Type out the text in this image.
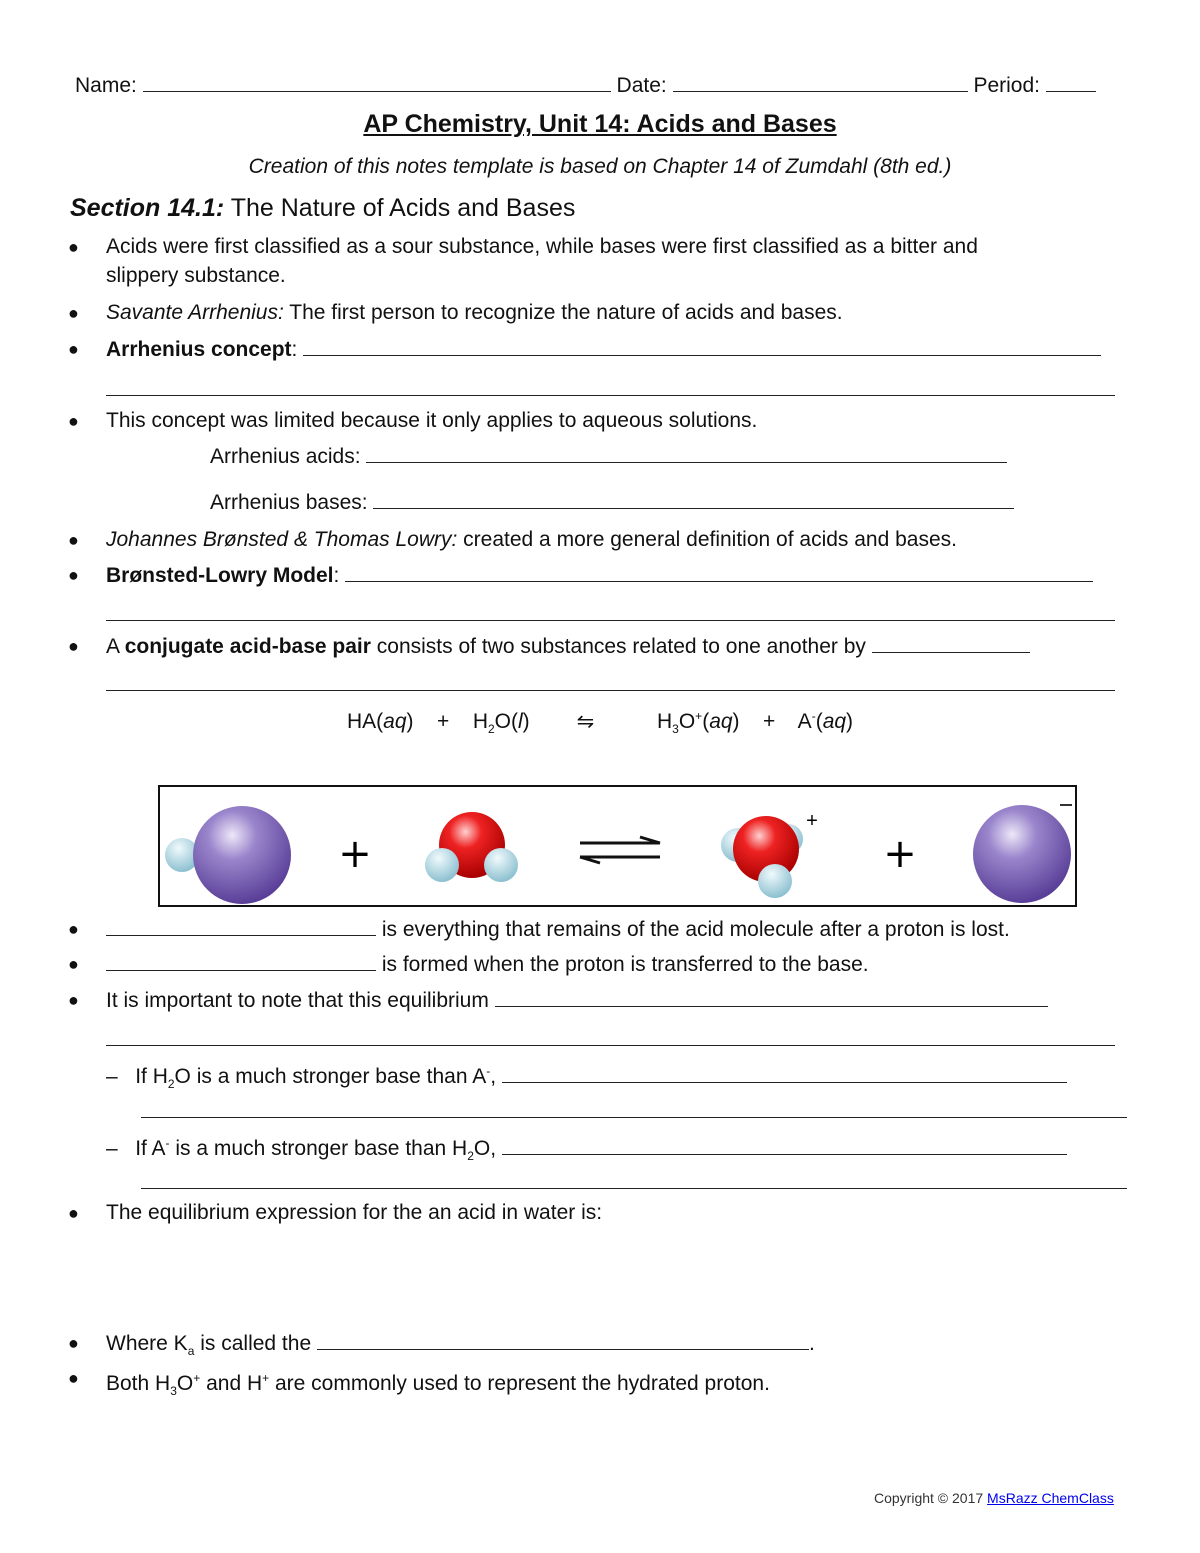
Name:	Date:	Period:
AP Chemistry, Unit 14: Acids and Bases
Creation of this notes template is based on Chapter 14 of Zumdahl (8th ed.)
Section 14.1: The Nature of Acids and Bases
● Acids were first classified as a sour substance, while bases were first classified as a bitter and
slippery substance.
● Savante Arrhenius: The first person to recognize the nature of acids and bases.
● Arrhenius concept:
● This concept was limited because it only applies to aqueous solutions.
Arrhenius acids:
Arrhenius bases:
● Johannes Brønsted & Thomas Lowry: created a more general definition of acids and bases.
● Brønsted-Lowry Model:
● A conjugate acid-base pair consists of two substances related to one another by
$HA(aq) + H_2O(l)$      ⇋	$H_3O^+(aq) + A^-(aq)$
+
+
+
●	is everything that remains of the acid molecule after a proton is lost.
●	is formed when the proton is transferred to the base.
● It is important to note that this equilibrium
–   If $H_2O$ is a much stronger base than A-,
–   If A- is a much stronger base than $H_2O$,
● The equilibrium expression for the an acid in water is:
● Where $K_a$ is called the	.
● Both $H_3O^+$ and H+ are commonly used to represent the hydrated proton.
Copyright © 2017 MsRazz ChemClass
